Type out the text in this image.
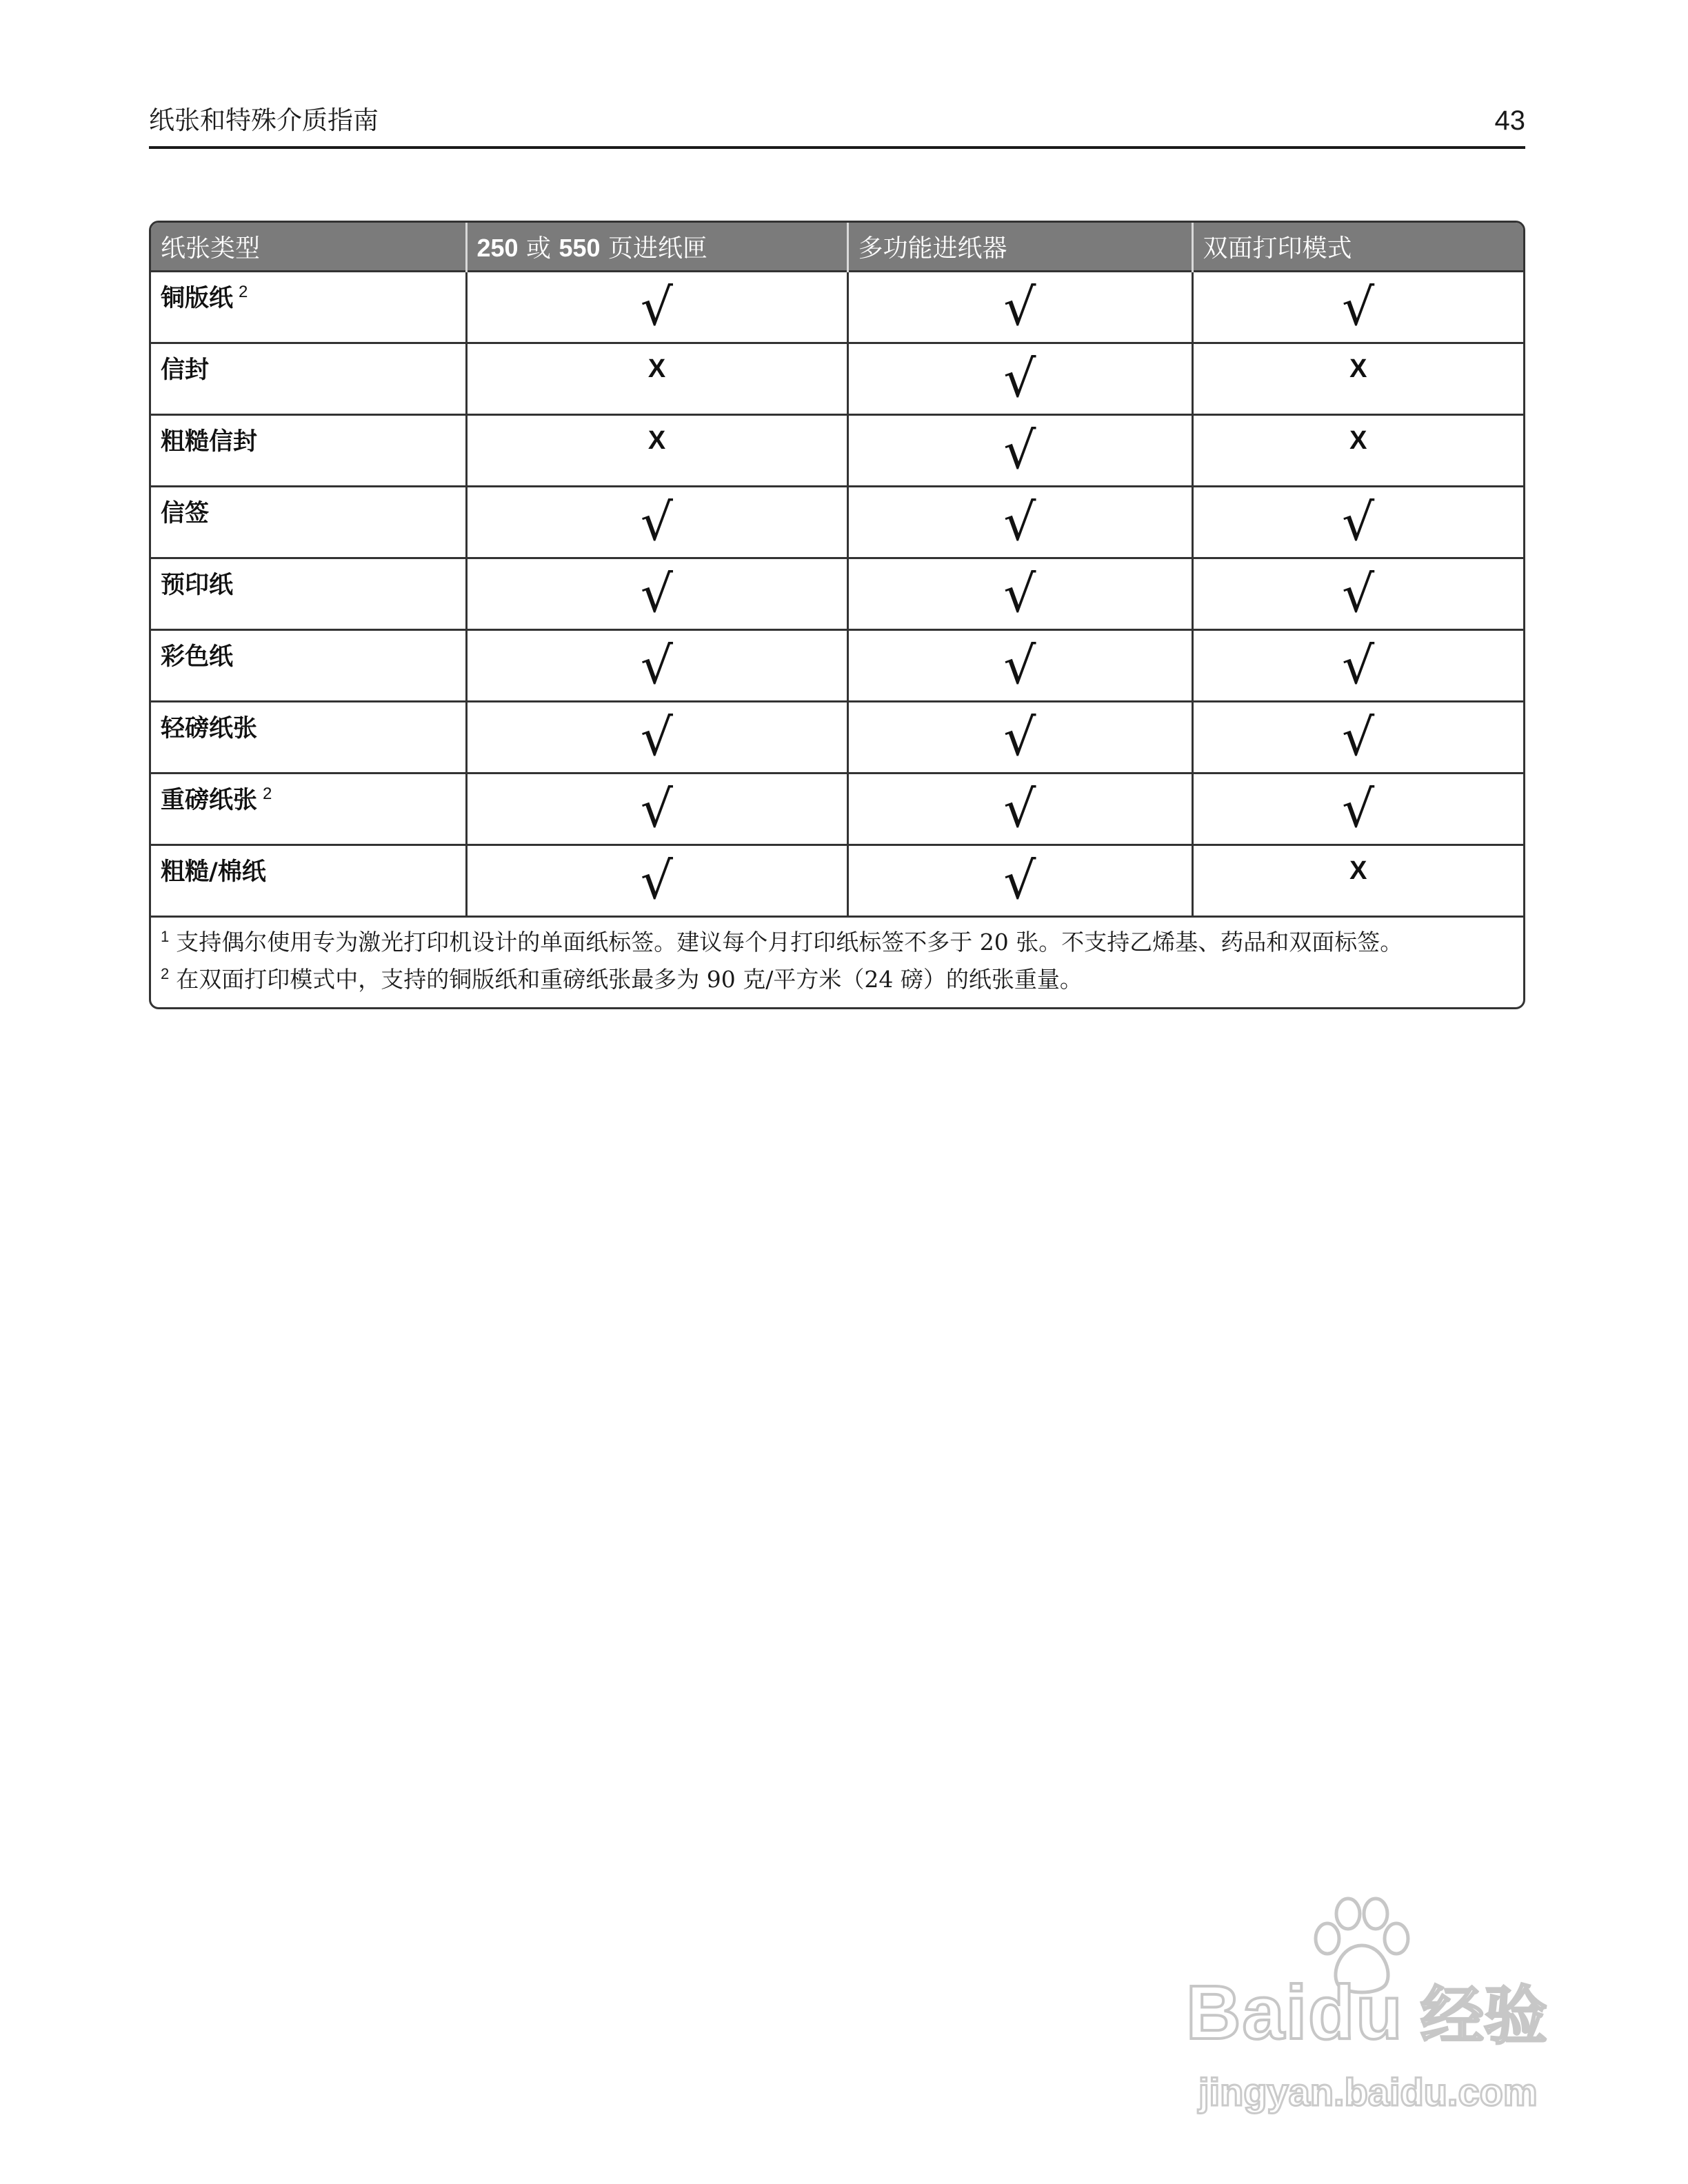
纸张和特殊介质指南	43
纸张类型	250 或 550 页进纸匣	多功能进纸器	双面打印模式

铜版纸 $^2$	√	√	√

信封	X	√	X

粗糙信封	X	√	X

信签	√	√	√

预印纸	√	√	√

彩色纸	√	√	√

轻磅纸张	√	√	√

重磅纸张 $^2$	√	√	√

粗糙/棉纸	√	√	X

$^1$ 支持偶尔使用专为激光打印机设计的单面纸标签。建议每个月打印纸标签不多于 20 张。不支持乙烯基、药品和双面标签。
$^2$ 在双面打印模式中，支持的铜版纸和重磅纸张最多为 90 克/平方米（24 磅）的纸张重量。			
Baidu 经验
jingyan.baidu.com
